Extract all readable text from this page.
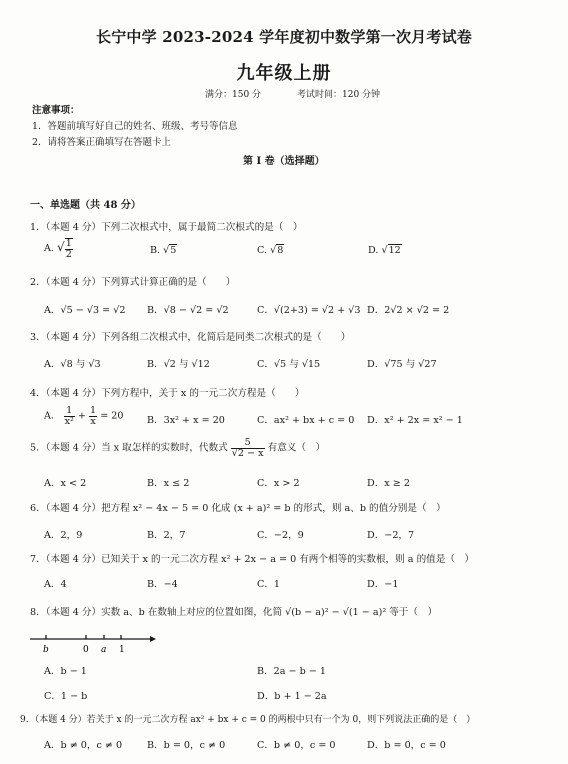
长宁中学 2023-2024 学年度初中数学第一次月考试卷
九年级上册
满分：150 分	考试时间：120 分钟
注意事项：
1．答题前填写好自己的姓名、班级、考号等信息
2．请将答案正确填写在答题卡上
第 I 卷（选择题）
一、单选题（共 48 分）
1．（本题 4 分）下列二次根式中，属于最简二次根式的是（　）
A. √ $\frac{1}{2}$	B. √5	C. √8	D. √12
2．（本题 4 分）下列算式计算正确的是（　　）
A．√5 − √3 = √2 B．√8 − √2 = √2	C．√(2+3) = √2 + √3 D．2√2 × √2 = 2
3．（本题 4 分）下列各组二次根式中，化简后是同类二次根式的是（　　）
A．√8 与 √3	B．√2 与 √12	C．√5 与 √15	D．√75 与 √27
4．（本题 4 分）下列方程中，关于 x 的一元二次方程是（　　）
A． $\frac{1}{\text{x²}} + \frac{1}{x} = 20$ B．3x² + x = 20	C．ax² + bx + c = 0 D．x² + 2x = x² − 1
5．（本题 4 分）当 x 取怎样的实数时，代数式 $\frac{5}{√2 - x}$ 有意义（　）
A．x < 2	B．x ≤ 2	C．x > 2	D．x ≥ 2
6．（本题 4 分）把方程 x² − 4x − 5 = 0 化成 (x + a)² = b 的形式，则 a、b 的值分别是（　）
A．2，9	B．2，7	C．−2，9	D．−2，7
7．（本题 4 分）已知关于 x 的一元二次方程 x² + 2x − a = 0 有两个相等的实数根，则 a 的值是（　）
A．4	B．−4	C．1	D．−1
8．（本题 4 分）实数 a、b 在数轴上对应的位置如图，化简 √(b − a)² − √(1 − a)² 等于（　）
b	0 a 1
A．b − 1	B．2a − b − 1
C．1 − b	D．b + 1 − 2a
9．（本题 4 分）若关于 x 的一元二次方程 ax² + bx + c = 0 的两根中只有一个为 0，则下列说法正确的是（　）
A．b ≠ 0，c ≠ 0	B．b = 0，c ≠ 0	C．b ≠ 0，c = 0	D．b = 0，c = 0
